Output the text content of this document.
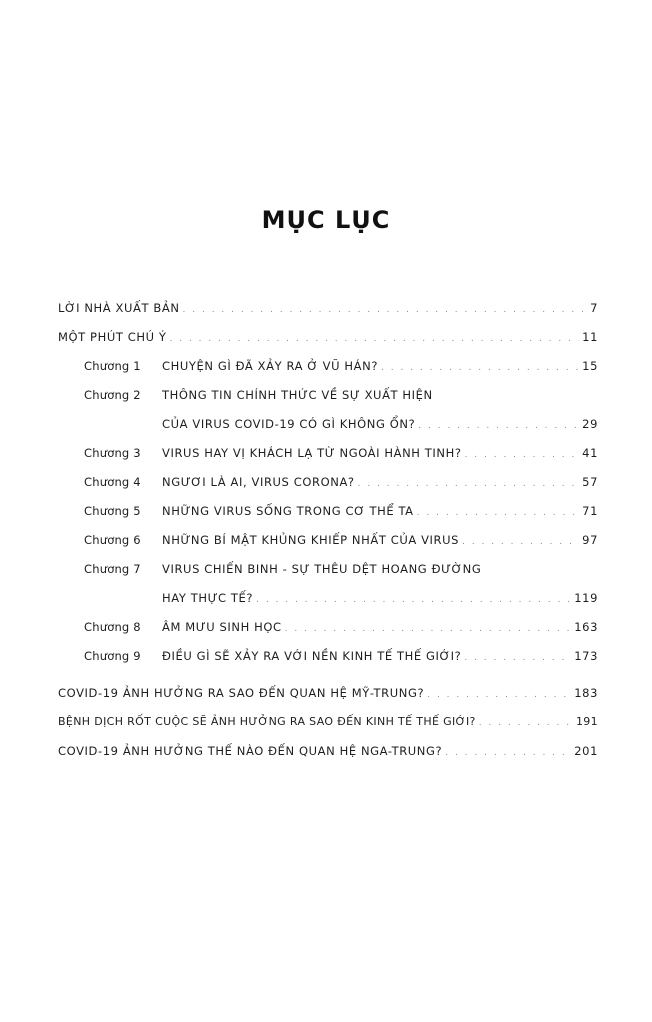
MỤC LỤC
LỜI NHÀ XUẤT BẢN . . .	7
MỘT PHÚT CHÚ Ý . . .	11
Chương 1	CHUYỆN GÌ ĐÃ XẢY RA Ở VŨ HÁN? . . .	15
Chương 2	THÔNG TIN CHÍNH THỨC VỀ SỰ XUẤT HIỆN
CỦA VIRUS COVID-19 CÓ GÌ KHÔNG ỔN? . . .	29
Chương 3	VIRUS HAY VỊ KHÁCH LẠ TỪ NGOÀI HÀNH TINH? . . .	41
Chương 4	NGƯƠI LÀ AI, VIRUS CORONA? . . .	57
Chương 5	NHỮNG VIRUS SỐNG TRONG CƠ THỂ TA . . .	71
Chương 6	NHỮNG BÍ MẬT KHỦNG KHIẾP NHẤT CỦA VIRUS . . .	97
Chương 7	VIRUS CHIẾN BINH - SỰ THÊU DỆT HOANG ĐƯỜNG
HAY THỰC TẾ? . . .	119
Chương 8	ÂM MƯU SINH HỌC . . .	163
Chương 9	ĐIỀU GÌ SẼ XẢY RA VỚI NỀN KINH TẾ THẾ GIỚI? . . .	173
COVID-19 ẢNH HƯỞNG RA SAO ĐẾN QUAN HỆ MỸ-TRUNG? . . .	183
BỆNH DỊCH RỐT CUỘC SẼ ẢNH HƯỞNG RA SAO ĐẾN KINH TẾ THẾ GIỚI? . . .	191
COVID-19 ẢNH HƯỞNG THẾ NÀO ĐẾN QUAN HỆ NGA-TRUNG? . . .	201
